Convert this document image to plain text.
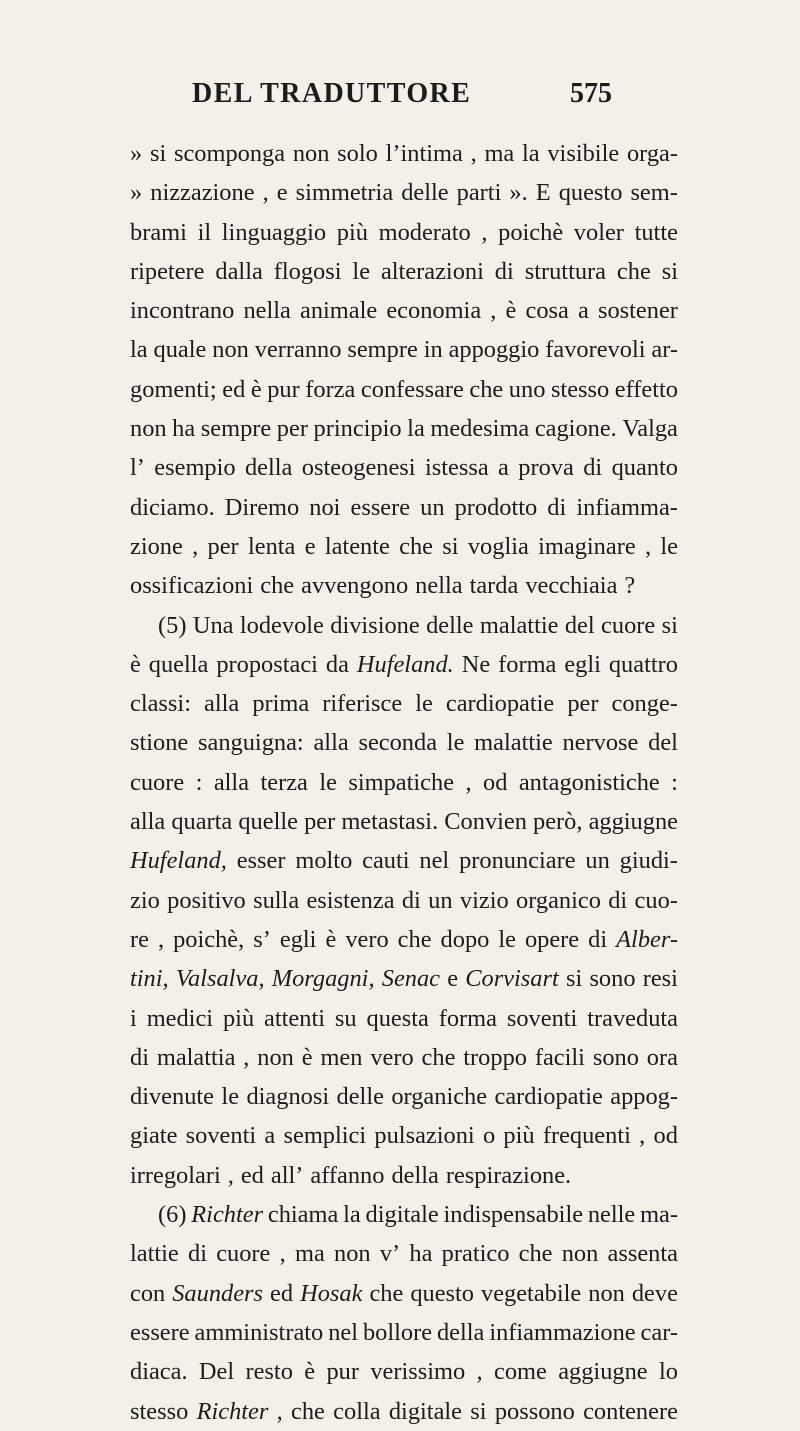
DEL TRADUTTORE	575
» si scomponga non solo l’intima , ma la visibile orga-
» nizzazione , e simmetria delle parti ». E questo sem-
brami il linguaggio più moderato , poichè voler tutte
ripetere dalla flogosi le alterazioni di struttura che si
incontrano nella animale economia , è cosa a sostener
la quale non verranno sempre in appoggio favorevoli ar-
gomenti; ed è pur forza confessare che uno stesso effetto
non ha sempre per principio la medesima cagione. Valga
l’ esempio della osteogenesi istessa a prova di quanto
diciamo. Diremo noi essere un prodotto di infiamma-
zione , per lenta e latente che si voglia imaginare , le
ossificazioni che avvengono nella tarda vecchiaia ?
(5) Una lodevole divisione delle malattie del cuore si
è quella propostaci da Hufeland. Ne forma egli quattro
classi: alla prima riferisce le cardiopatie per conge-
stione sanguigna: alla seconda le malattie nervose del
cuore : alla terza le simpatiche , od antagonistiche :
alla quarta quelle per metastasi. Convien però, aggiugne
Hufeland, esser molto cauti nel pronunciare un giudi-
zio positivo sulla esistenza di un vizio organico di cuo-
re , poichè, s’ egli è vero che dopo le opere di Alber-
tini, Valsalva, Morgagni, Senac e Corvisart si sono resi
i medici più attenti su questa forma soventi traveduta
di malattia , non è men vero che troppo facili sono ora
divenute le diagnosi delle organiche cardiopatie appog-
giate soventi a semplici pulsazioni o più frequenti , od
irregolari , ed all’ affanno della respirazione.
(6) Richter chiama la digitale indispensabile nelle ma-
lattie di cuore , ma non v’ ha pratico che non assenta
con Saunders ed Hosak che questo vegetabile non deve
essere amministrato nel bollore della infiammazione car-
diaca. Del resto è pur verissimo , come aggiugne lo
stesso Richter , che colla digitale si possono contenere
